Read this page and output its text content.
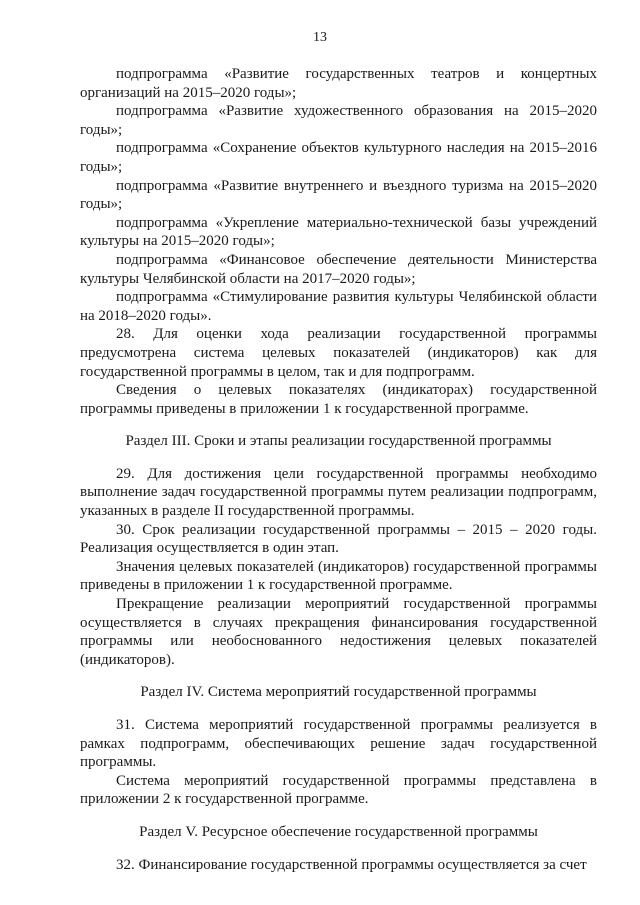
13

подпрограмма «Развитие государственных театров и концертных организаций на 2015–2020 годы»;

подпрограмма «Развитие художественного образования на 2015–2020 годы»;

подпрограмма «Сохранение объектов культурного наследия на 2015–2016 годы»;

подпрограмма «Развитие внутреннего и въездного туризма на 2015–2020 годы»;

подпрограмма «Укрепление материально-технической базы учреждений культуры на 2015–2020 годы»;

подпрограмма «Финансовое обеспечение деятельности Министерства культуры Челябинской области на 2017–2020 годы»;

подпрограмма «Стимулирование развития культуры Челябинской области на 2018–2020 годы».

28. Для оценки хода реализации государственной программы предусмотрена система целевых показателей (индикаторов) как для государственной программы в целом, так и для подпрограмм.

Сведения о целевых показателях (индикаторах) государственной программы приведены в приложении 1 к государственной программе.

Раздел III. Сроки и этапы реализации государственной программы

29. Для достижения цели государственной программы необходимо выполнение задач государственной программы путем реализации подпрограмм, указанных в разделе II государственной программы.

30. Срок реализации государственной программы – 2015 – 2020 годы. Реализация осуществляется в один этап.

Значения целевых показателей (индикаторов) государственной программы приведены в приложении 1 к государственной программе.

Прекращение реализации мероприятий государственной программы осуществляется в случаях прекращения финансирования государственной программы или необоснованного недостижения целевых показателей (индикаторов).

Раздел IV. Система мероприятий государственной программы

31. Система мероприятий государственной программы реализуется в рамках подпрограмм, обеспечивающих решение задач государственной программы.

Система мероприятий государственной программы представлена в приложении 2 к государственной программе.

Раздел V. Ресурсное обеспечение государственной программы

32. Финансирование государственной программы осуществляется за счет
